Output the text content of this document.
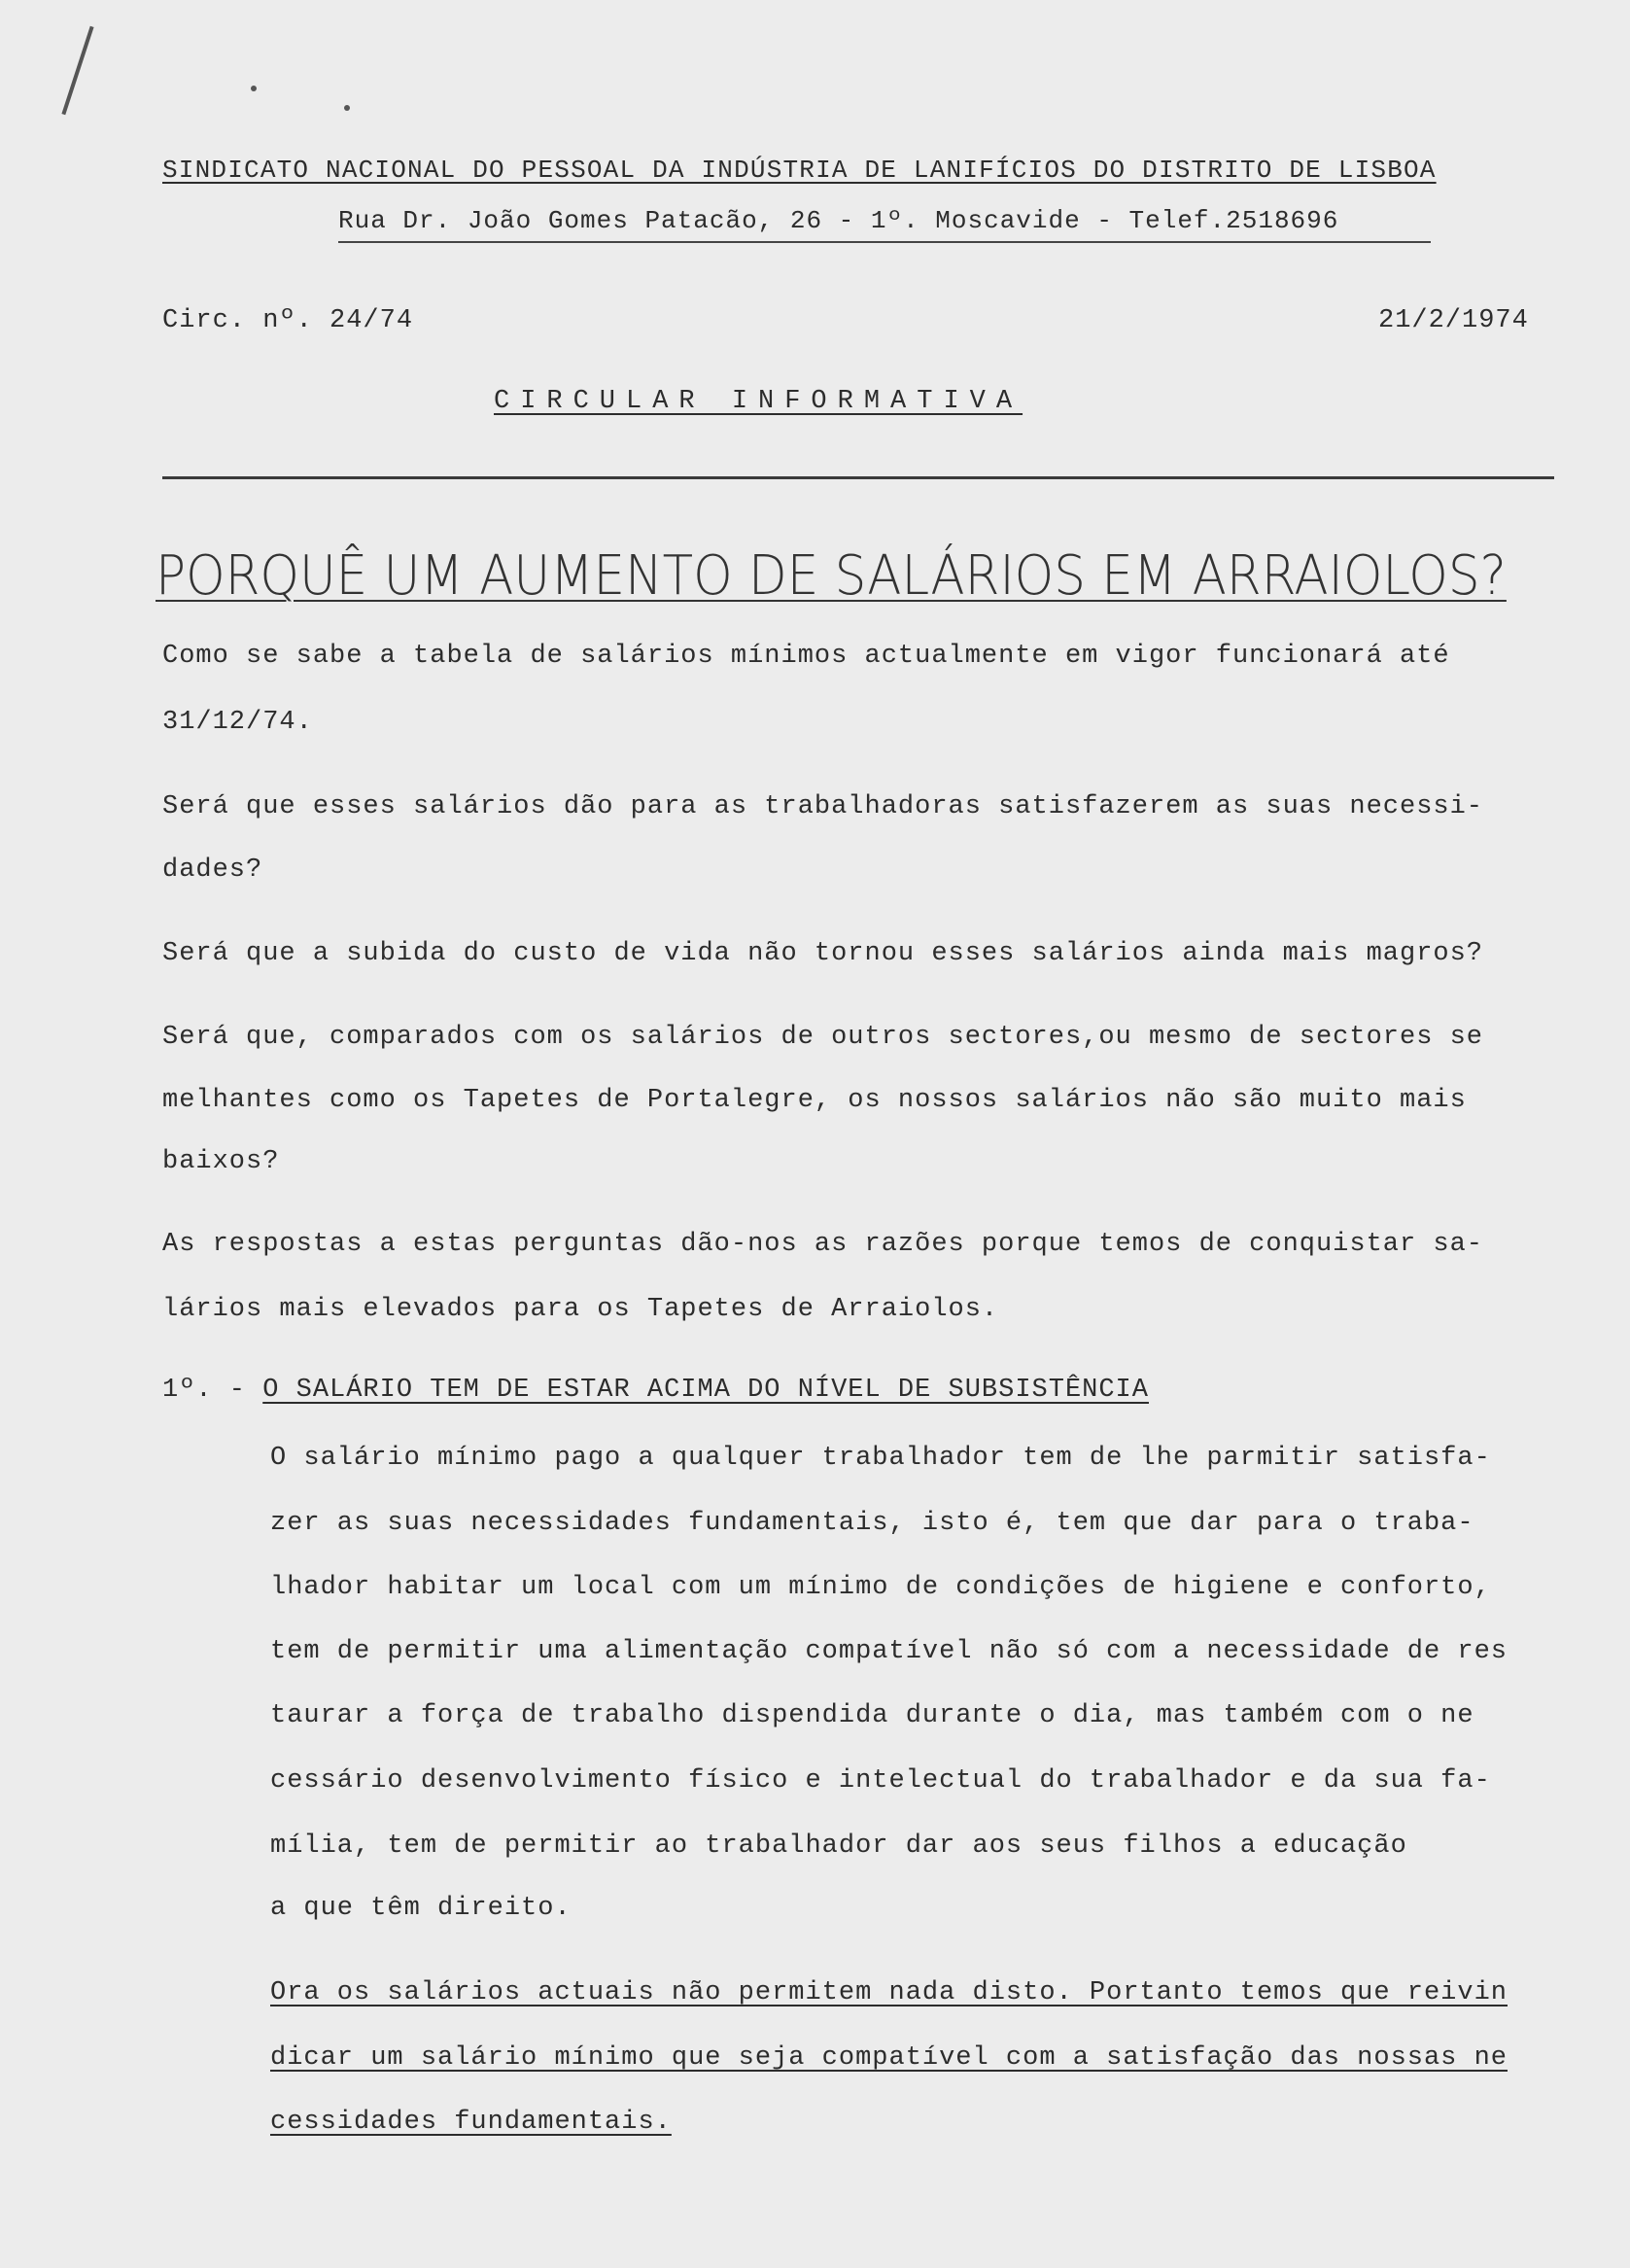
SINDICATO NACIONAL DO PESSOAL DA INDÚSTRIA DE LANIFÍCIOS DO DISTRITO DE LISBOA
Rua Dr. João Gomes Patacão, 26 - 1º. Moscavide - Telef.2518696
Circ. nº. 24/74	21/2/1974
CIRCULAR INFORMATIVA
PORQUÊ UM AUMENTO DE SALÁRIOS EM ARRAIOLOS?
Como se sabe a tabela de salários mínimos actualmente em vigor funcionará até
31/12/74.
Será que esses salários dão para as trabalhadoras satisfazerem as suas necessi-
dades?
Será que a subida do custo de vida não tornou esses salários ainda mais magros?
Será que, comparados com os salários de outros sectores,ou mesmo de sectores se
melhantes como os Tapetes de Portalegre, os nossos salários não são muito mais
baixos?
As respostas a estas perguntas dão-nos as razões porque temos de conquistar sa-
lários mais elevados para os Tapetes de Arraiolos.
1º. - O SALÁRIO TEM DE ESTAR ACIMA DO NÍVEL DE SUBSISTÊNCIA
O salário mínimo pago a qualquer trabalhador tem de lhe parmitir satisfa-
zer as suas necessidades fundamentais, isto é, tem que dar para o traba-
lhador habitar um local com um mínimo de condições de higiene e conforto,
tem de permitir uma alimentação compatível não só com a necessidade de res
taurar a força de trabalho dispendida durante o dia, mas também com o ne
cessário desenvolvimento físico e intelectual do trabalhador e da sua fa-
mília, tem de permitir ao trabalhador dar aos seus filhos a educação
a que têm direito.
Ora os salários actuais não permitem nada disto. Portanto temos que reivin
dicar um salário mínimo que seja compatível com a satisfação das nossas ne
cessidades fundamentais.
